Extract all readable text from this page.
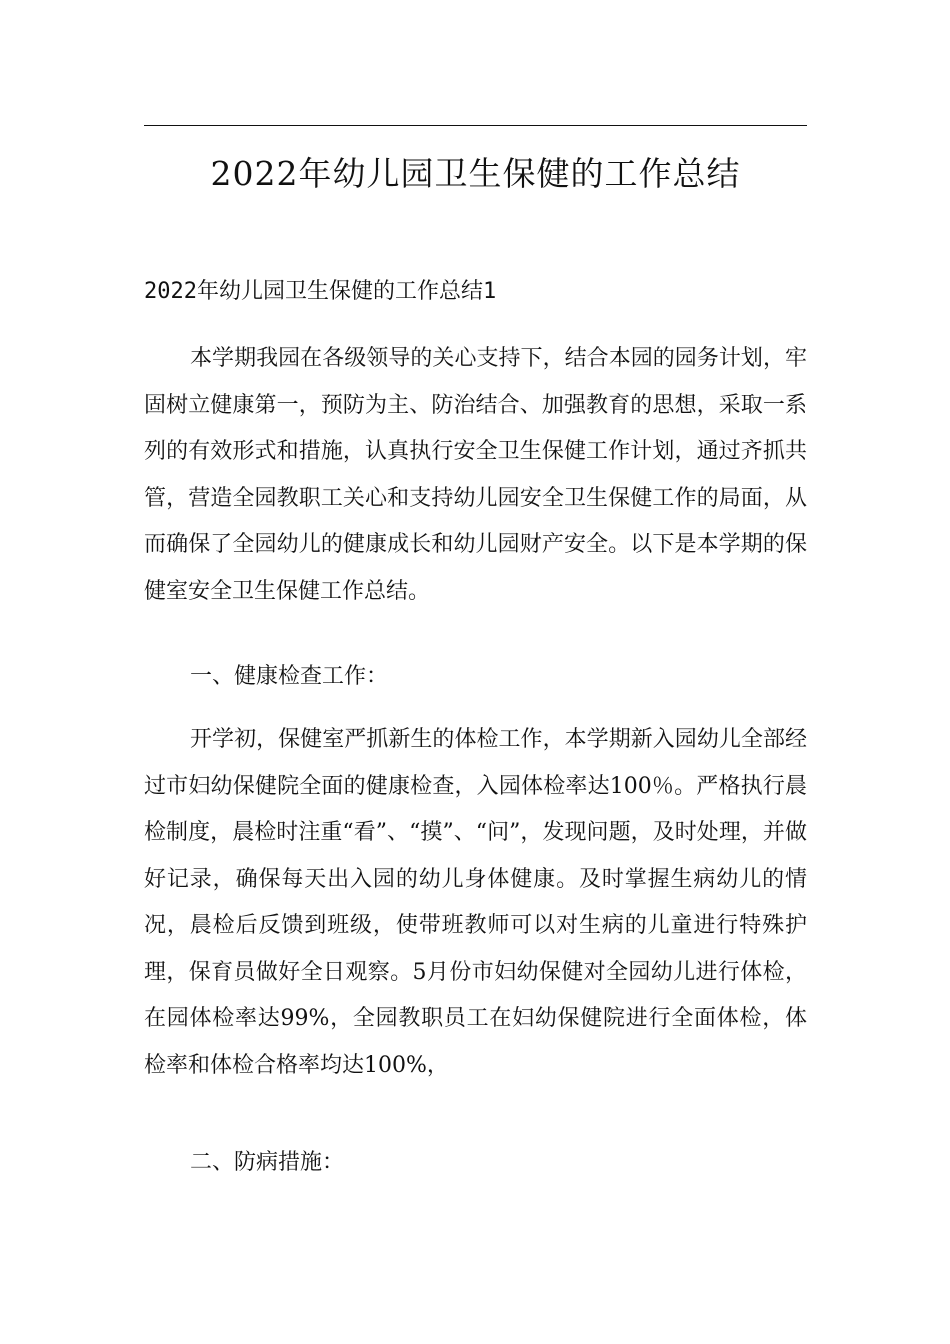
2022年幼儿园卫生保健的工作总结
2022年幼儿园卫生保健的工作总结1

本学期我园在各级领导的关心支持下，结合本园的园务计划，牢固树立健康第一，预防为主、防治结合、加强教育的思想，采取一系列的有效形式和措施，认真执行安全卫生保健工作计划，通过齐抓共管，营造全园教职工关心和支持幼儿园安全卫生保健工作的局面，从而确保了全园幼儿的健康成长和幼儿园财产安全。以下是本学期的保健室安全卫生保健工作总结。

一、健康检查工作：

开学初，保健室严抓新生的体检工作，本学期新入园幼儿全部经过市妇幼保健院全面的健康检查，入园体检率达100％。严格执行晨检制度，晨检时注重“看”、“摸”、“问”，发现问题，及时处理，并做好记录，确保每天出入园的幼儿身体健康。及时掌握生病幼儿的情况，晨检后反馈到班级，使带班教师可以对生病的儿童进行特殊护理，保育员做好全日观察。5月份市妇幼保健对全园幼儿进行体检，在园体检率达99%，全园教职员工在妇幼保健院进行全面体检，体检率和体检合格率均达100%，

二、防病措施：
